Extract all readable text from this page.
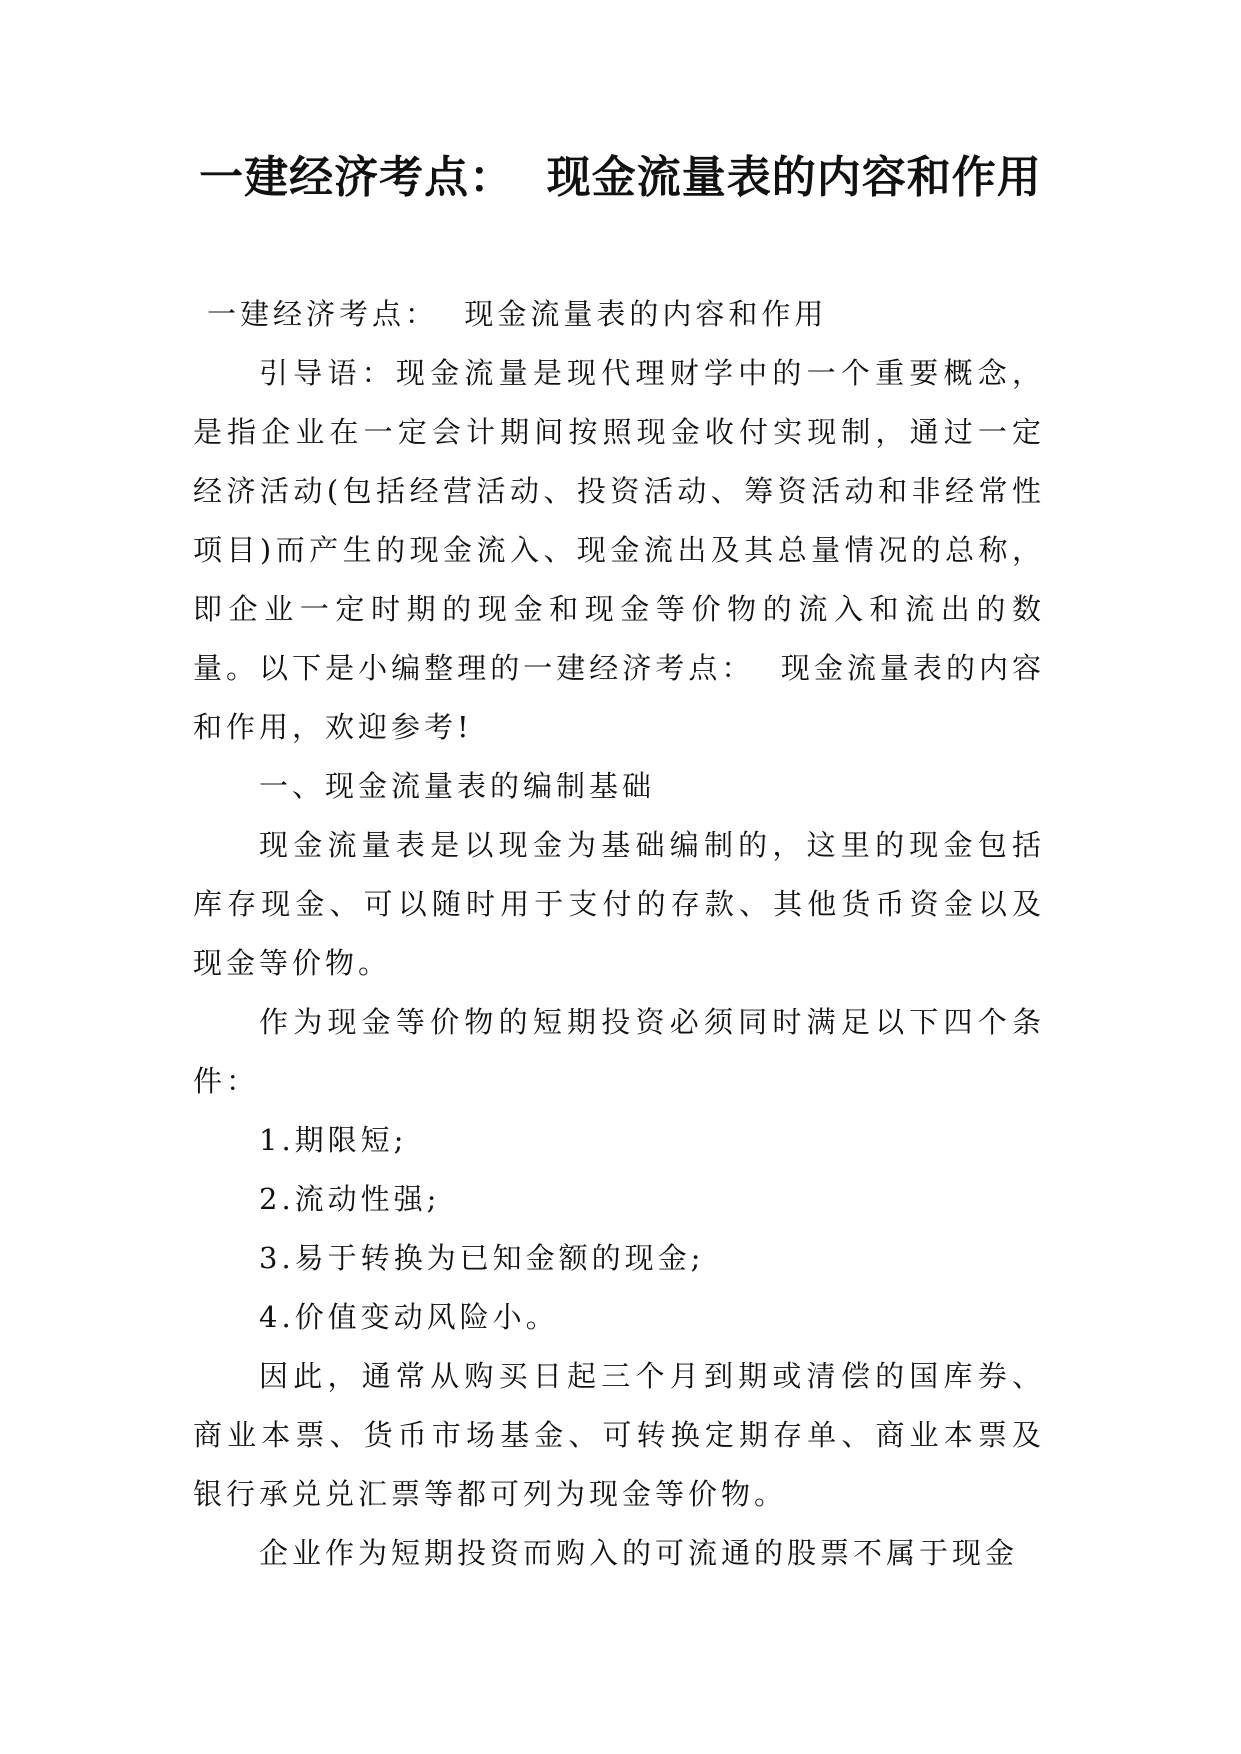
一建经济考点：  现金流量表的内容和作用

一建经济考点：  现金流量表的内容和作用

引导语：现金流量是现代理财学中的一个重要概念，是指企业在一定会计期间按照现金收付实现制，通过一定经济活动(包括经营活动、投资活动、筹资活动和非经常性项目)而产生的现金流入、现金流出及其总量情况的总称，即企业一定时期的现金和现金等价物的流入和流出的数量。以下是小编整理的一建经济考点：  现金流量表的内容和作用，欢迎参考!

一、现金流量表的编制基础

现金流量表是以现金为基础编制的，这里的现金包括库存现金、可以随时用于支付的存款、其他货币资金以及现金等价物。

作为现金等价物的短期投资必须同时满足以下四个条件：

1.期限短;

2.流动性强;

3.易于转换为已知金额的现金;

4.价值变动风险小。

因此，通常从购买日起三个月到期或清偿的国库券、商业本票、货币市场基金、可转换定期存单、商业本票及银行承兑兑汇票等都可列为现金等价物。

企业作为短期投资而购入的可流通的股票不属于现金
